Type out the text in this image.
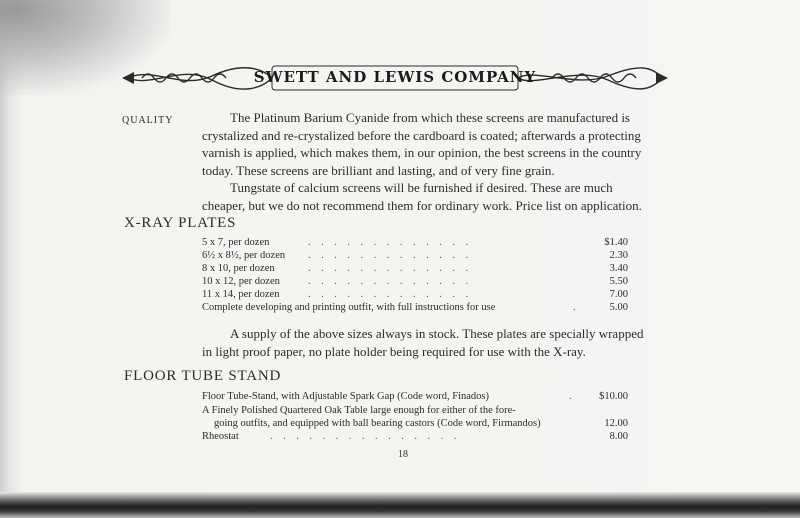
SWETT AND LEWIS COMPANY
QUALITY	The Platinum Barium Cyanide from which these screens are manufactured is
crystalized and re-crystalized before the cardboard is coated; afterwards a protecting
varnish is applied, which makes them, in our opinion, the best screens in the country
today. These screens are brilliant and lasting, and of very fine grain.
Tungstate of calcium screens will be furnished if desired. These are much
cheaper, but we do not recommend them for ordinary work. Price list on application.
X-RAY PLATES
.    .    .    .    .    .    .    .    .    .    .    .    .
5 x 7, per dozen	$1.40
.    .    .    .    .    .    .    .    .    .    .    .    .
6½ x 8½, per dozen	2.30
.    .    .    .    .    .    .    .    .    .    .    .    .
8 x 10, per dozen	3.40
.    .    .    .    .    .    .    .    .    .    .    .    .
10 x 12, per dozen	5.50
.    .    .    .    .    .    .    .    .    .    .    .    .
11 x 14, per dozen	7.00
.
Complete developing and printing outfit, with full instructions for use	5.00
A supply of the above sizes always in stock. These plates are specially wrapped
in light proof paper, no plate holder being required for use with the X-ray.
FLOOR TUBE STAND
.
Floor Tube-Stand, with Adjustable Spark Gap (Code word, Finados)	$10.00
A Finely Polished Quartered Oak Table large enough for either of the fore-
going outfits, and equipped with ball bearing castors (Code word, Firmandos)	12.00
.    .    .    .    .    .    .    .    .    .    .    .    .    .    .
Rheostat	8.00
18
